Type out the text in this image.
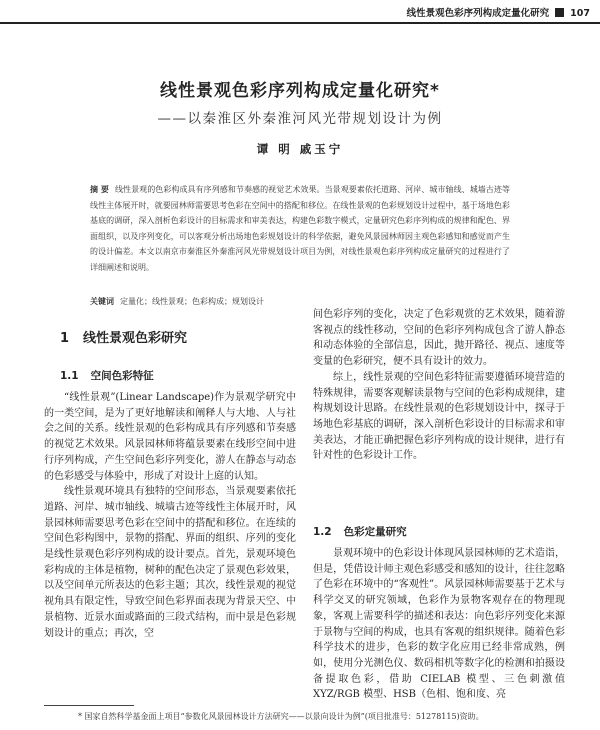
线性景观色彩序列构成定量化研究 107
线性景观色彩序列构成定量化研究*
——以秦淮区外秦淮河风光带规划设计为例
谭 明 戚玉宁
摘 要 线性景观的色彩构成具有序列感和节奏感的视觉艺术效果。当景观要素依托道路、河岸、城市轴线、城墙古迹等线性主体展开时，就要园林师需要思考色彩在空间中的搭配和移位。在线性景观的色彩规划设计过程中，基于场地色彩基底的调研，深入剖析色彩设计的目标需求和审美表达，构建色彩数字模式，定量研究色彩序列构成的规律和配色、界面组织，以及序列变化，可以客观分析出场地色彩规划设计的科学依据，避免风景园林师因主观色彩感知和感觉而产生的设计偏差。本文以南京市秦淮区外秦淮河风光带规划设计项目为例，对线性景观色彩序列构成定量研究的过程进行了详细阐述和说明。
关键词 定量化；线性景观；色彩构成；规划设计
1 线性景观色彩研究
1.1 空间色彩特征

“线性景观”(Linear Landscape)作为景观学研究中的一类空间，是为了更好地解读和阐释人与大地、人与社会之间的关系。线性景观的色彩构成具有序列感和节奏感的视觉艺术效果。风景园林师将蕴景要素在线形空间中进行序列构成，产生空间色彩序列变化，游人在静态与动态的色彩感受与体验中，形成了对设计上庭的认知。

线性景观环境具有独特的空间形态，当景观要素依托道路、河岸、城市轴线、城墙古迹等线性主体展开时，风景园林师需要思考色彩在空间中的搭配和移位。在连续的空间色彩构图中，景物的搭配、界面的组织、序列的变化是线性景观色彩序列构成的设计要点。首先，景观环境色彩构成的主体是植物，树种的配色决定了景观色彩效果，以及空间单元所表达的色彩主题；其次，线性景观的视觉视角具有限定性，导致空间色彩界面表现为背景天空、中景植物、近景水面或路面的三段式结构，而中景是色彩规划设计的重点；再次，空

间色彩序列的变化，决定了色彩观赏的艺术效果，随着游客视点的线性移动，空间的色彩序列构成包含了游人静态和动态体验的全部信息，因此，抛开路径、视点、速度等变量的色彩研究，便不具有设计的效力。

综上，线性景观的空间色彩特征需要遵循环境营造的特殊规律，需要客观解读景物与空间的色彩构成规律，建构规划设计思路。在线性景观的色彩规划设计中，探寻于场地色彩基底的调研，深入剖析色彩设计的目标需求和审美表达，才能正确把握色彩序列构成的设计规律，进行有针对性的色彩设计工作。

1.2 色彩定量研究

景观环境中的色彩设计体现风景园林师的艺术造诣，但是，凭借设计师主观色彩感受和感知的设计，往往忽略了色彩在环境中的“客观性”。风景园林师需要基于艺术与科学交叉的研究领域，色彩作为景物客观存在的物理现象，客观上需要科学的描述和表达：向色彩序列变化来源于景物与空间的构成，也具有客观的组织规律。随着色彩科学技术的进步，色彩的数字化应用已经非常成熟，例如，使用分光测色仪、数码相机等数字化的检测和拍摄设备提取色彩，借助 CIELAB 模型、三色刺激值 XYZ/RGB 模型、HSB（色相、饱和度、亮

* 国家自然科学基金面上项目“参数化风景园林设计方法研究——以景向设计为例”(项目批准号：51278115)资助。
